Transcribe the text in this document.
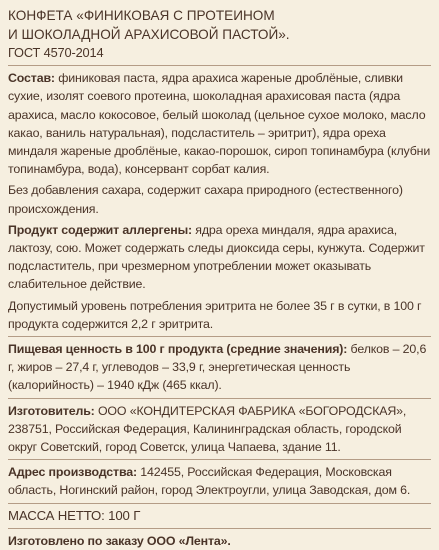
КОНФЕТА «ФИНИКОВАЯ С ПРОТЕИНОМ
И ШОКОЛАДНОЙ АРАХИСОВОЙ ПАСТОЙ».
ГОСТ 4570-2014
Состав: финиковая паста, ядра арахиса жареные дроблёные, сливки сухие, изолят соевого протеина, шоколадная арахисовая паста (ядра арахиса, масло кокосовое, белый шоколад (цельное сухое молоко, масло какао, ваниль натуральная), подсластитель – эритрит), ядра ореха миндаля жареные дроблёные, какао-порошок, сироп топинамбура (клубни топинамбура, вода), консервант сорбат калия.
Без добавления сахара, содержит сахара природного (естественного) происхождения.
Продукт содержит аллергены: ядра ореха миндаля, ядра арахиса, лактозу, сою. Может содержать следы диоксида серы, кунжута. Содержит подсластитель, при чрезмерном употреблении может оказывать слабительное действие.
Допустимый уровень потребления эритрита не более 35 г в сутки, в 100 г продукта содержится 2,2 г эритрита.
Пищевая ценность в 100 г продукта (средние значения): белков – 20,6 г, жиров – 27,4 г, углеводов – 33,9 г, энергетическая ценность (калорийность) – 1940 кДж (465 ккал).
Изготовитель: ООО «КОНДИТЕРСКАЯ ФАБРИКА «БОГОРОДСКАЯ», 238751, Российская Федерация, Калининградская область, городской округ Советский, город Советск, улица Чапаева, здание 11.
Адрес производства: 142455, Российская Федерация, Московская область, Ногинский район, город Электроугли, улица Заводская, дом 6.
МАССА НЕТТО: 100 Г
Изготовлено по заказу ООО «Лента».
